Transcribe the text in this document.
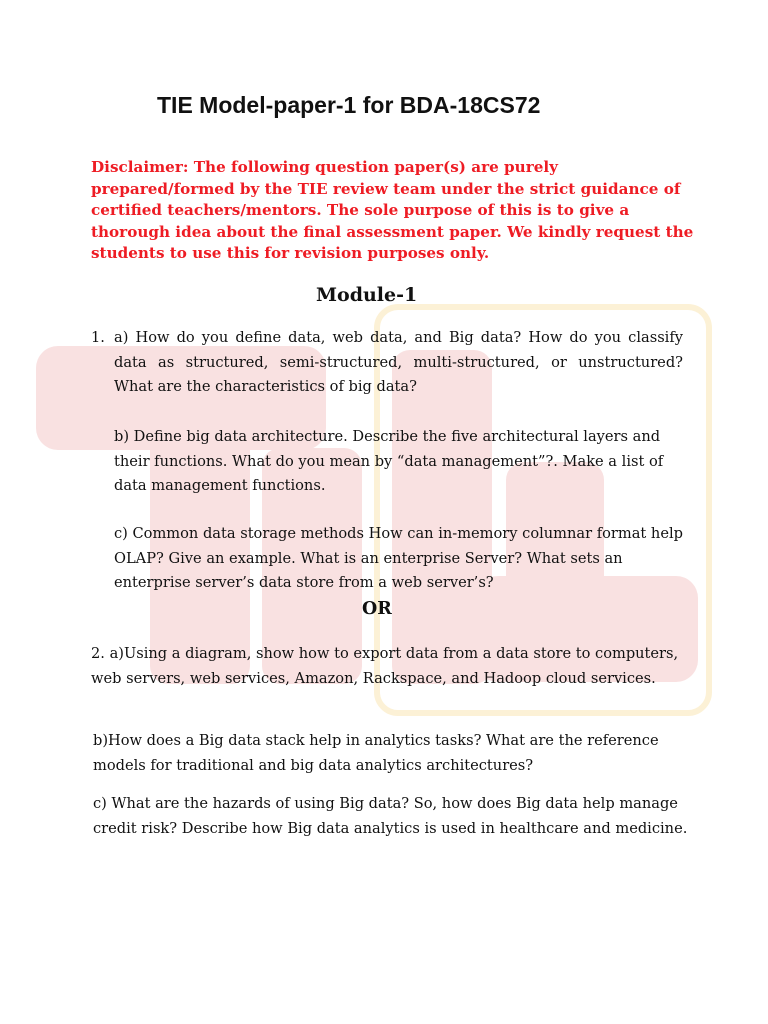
TIE Model-paper-1 for BDA-18CS72

Disclaimer: The following question paper(s) are purely prepared/formed by the TIE review team under the strict guidance of certified teachers/mentors. The sole purpose of this is to give a thorough idea about the final assessment paper. We kindly request the students to use this for revision purposes only.

Module-1
1. a) How do you define data, web data, and Big data? How do you classify data as structured, semi-structured, multi-structured, or unstructured? What are the characteristics of big data?

b) Define big data architecture. Describe the five architectural layers and their functions. What do you mean by “data management”?. Make a list of data management functions.

c) Common data storage methods How can in-memory columnar format help OLAP? Give an example. What is an enterprise Server? What sets an enterprise server’s data store from a web server’s?

OR

2. a)Using a diagram, show how to export data from a data store to computers, web servers, web services, Amazon, Rackspace, and Hadoop cloud services.

b)How does a Big data stack help in analytics tasks? What are the reference models for traditional and big data analytics architectures?

c) What are the hazards of using Big data? So, how does Big data help manage credit risk? Describe how Big data analytics is used in healthcare and medicine.
